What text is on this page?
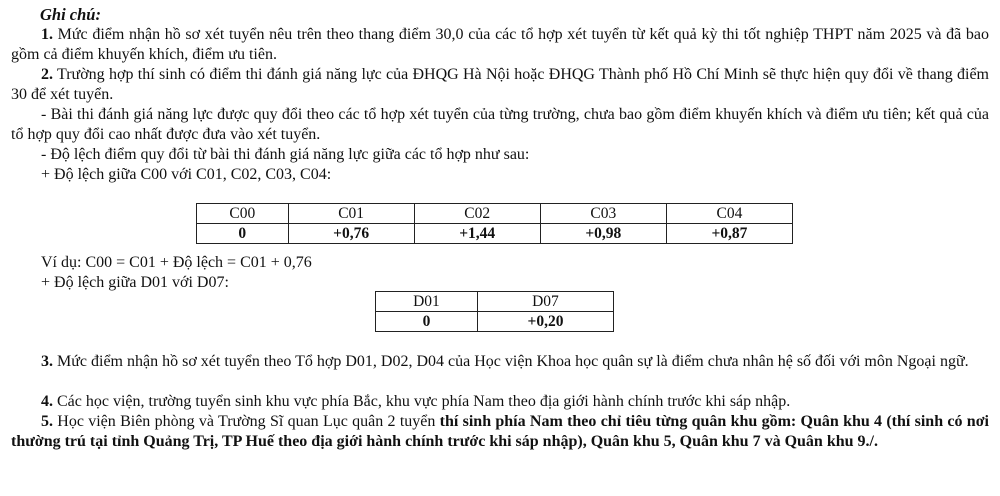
Ghi chú:
1. Mức điểm nhận hồ sơ xét tuyển nêu trên theo thang điểm 30,0 của các tổ hợp xét tuyển từ kết quả kỳ thi tốt nghiệp THPT năm 2025 và đã bao gồm cả điểm khuyến khích, điểm ưu tiên.
2. Trường hợp thí sinh có điểm thi đánh giá năng lực của ĐHQG Hà Nội hoặc ĐHQG Thành phố Hồ Chí Minh sẽ thực hiện quy đổi về thang điểm 30 để xét tuyển.
- Bài thi đánh giá năng lực được quy đổi theo các tổ hợp xét tuyển của từng trường, chưa bao gồm điểm khuyến khích và điểm ưu tiên; kết quả của tổ hợp quy đổi cao nhất được đưa vào xét tuyển.
- Độ lệch điểm quy đổi từ bài thi đánh giá năng lực giữa các tổ hợp như sau:
+ Độ lệch giữa C00 với C01, C02, C03, C04:
C00	C01	C02	C03	C04
0	+0,76	+1,44	+0,98	+0,87
Ví dụ: C00 = C01 + Độ lệch = C01 + 0,76
+ Độ lệch giữa D01 với D07:
D01	D07
0	+0,20
3. Mức điểm nhận hồ sơ xét tuyển theo Tổ hợp D01, D02, D04 của Học viện Khoa học quân sự là điểm chưa nhân hệ số đối với môn Ngoại ngữ.
4. Các học viện, trường tuyển sinh khu vực phía Bắc, khu vực phía Nam theo địa giới hành chính trước khi sáp nhập.
5. Học viện Biên phòng và Trường Sĩ quan Lục quân 2 tuyển thí sinh phía Nam theo chỉ tiêu từng quân khu gồm: Quân khu 4 (thí sinh có nơi thường trú tại tỉnh Quảng Trị, TP Huế theo địa giới hành chính trước khi sáp nhập), Quân khu 5, Quân khu 7 và Quân khu 9./.
